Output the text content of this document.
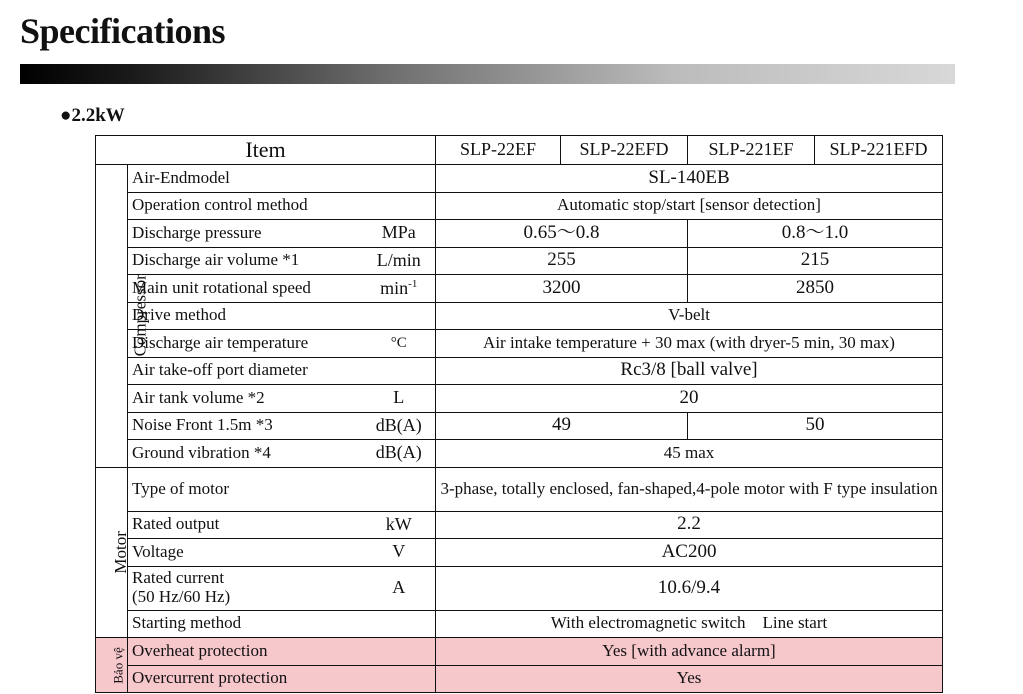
Specifications
●2.2kW
Item			SLP-22EF	SLP-22EFD	SLP-221EF	SLP-221EFD
Compressor	Air-Endmodel		SL-140EB			
	Operation control method		Automatic stop/start [sensor detection]			
	Discharge pressure	MPa	0.65〜0.8		0.8〜1.0	
	Discharge air volume *1	L/min	255		215	
	Main unit rotational speed	$\min^{-1}$	3200		2850	
	Drive method		V-belt			
	Discharge air temperature	°C	Air intake temperature + 30 max (with dryer-5 min, 30 max)			
	Air take-off port diameter		Rc3/8 [ball valve]			
	Air tank volume *2	L	20			
	Noise Front 1.5m *3	dB(A)	49		50	
	Ground vibration *4	dB(A)	45 max			
Motor	Type of motor		3-phase, totally enclosed, fan-shaped,4-pole motor with F type insulation			
	Rated output	kW	2.2			
	Voltage	V	AC200			
	Rated current
(50 Hz/60 Hz)	A	10.6/9.4			
	Starting method		With electromagnetic switch　Line start			
Bảo vệ	Overheat protection		Yes [with advance alarm]			
	Overcurrent protection		Yes			
